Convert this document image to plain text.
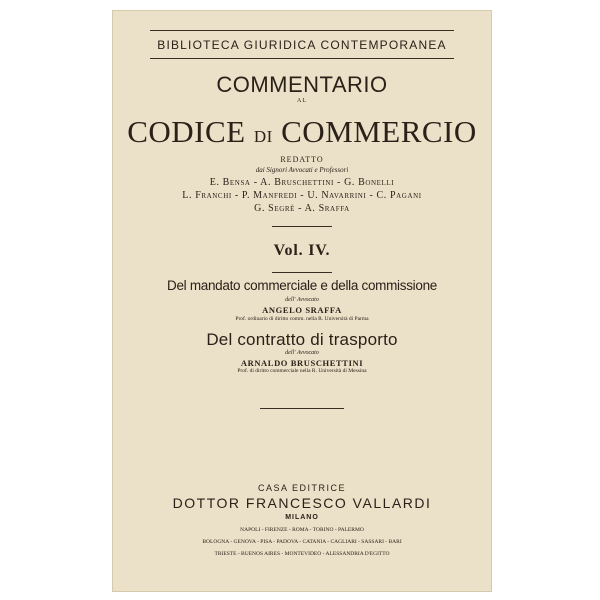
BIBLIOTECA GIURIDICA CONTEMPORANEA
COMMENTARIO
AL
CODICE DI COMMERCIO
REDATTO
dai Signori Avvocati e Professori
E. Bensa - A. Bruschettini - G. Bonelli
L. Franchi - P. Manfredi - U. Navarrini - C. Pagani
G. Segrè - A. Sraffa
Vol. IV.
Del mandato commerciale e della commissione
dell' Avvocato
ANGELO SRAFFA
Prof. ordinario di diritto comm. nella R. Università di Parma
Del contratto di trasporto
dell' Avvocato
ARNALDO BRUSCHETTINI
Prof. di diritto commerciale nella R. Università di Messina
CASA EDITRICE
DOTTOR FRANCESCO VALLARDI
MILANO
NAPOLI - FIRENZE - ROMA - TORINO - PALERMO
BOLOGNA - GENOVA - PISA - PADOVA - CATANIA - CAGLIARI - SASSARI - BARI
TRIESTE - BUENOS AIRES - MONTEVIDEO - ALESSANDRIA D'EGITTO
